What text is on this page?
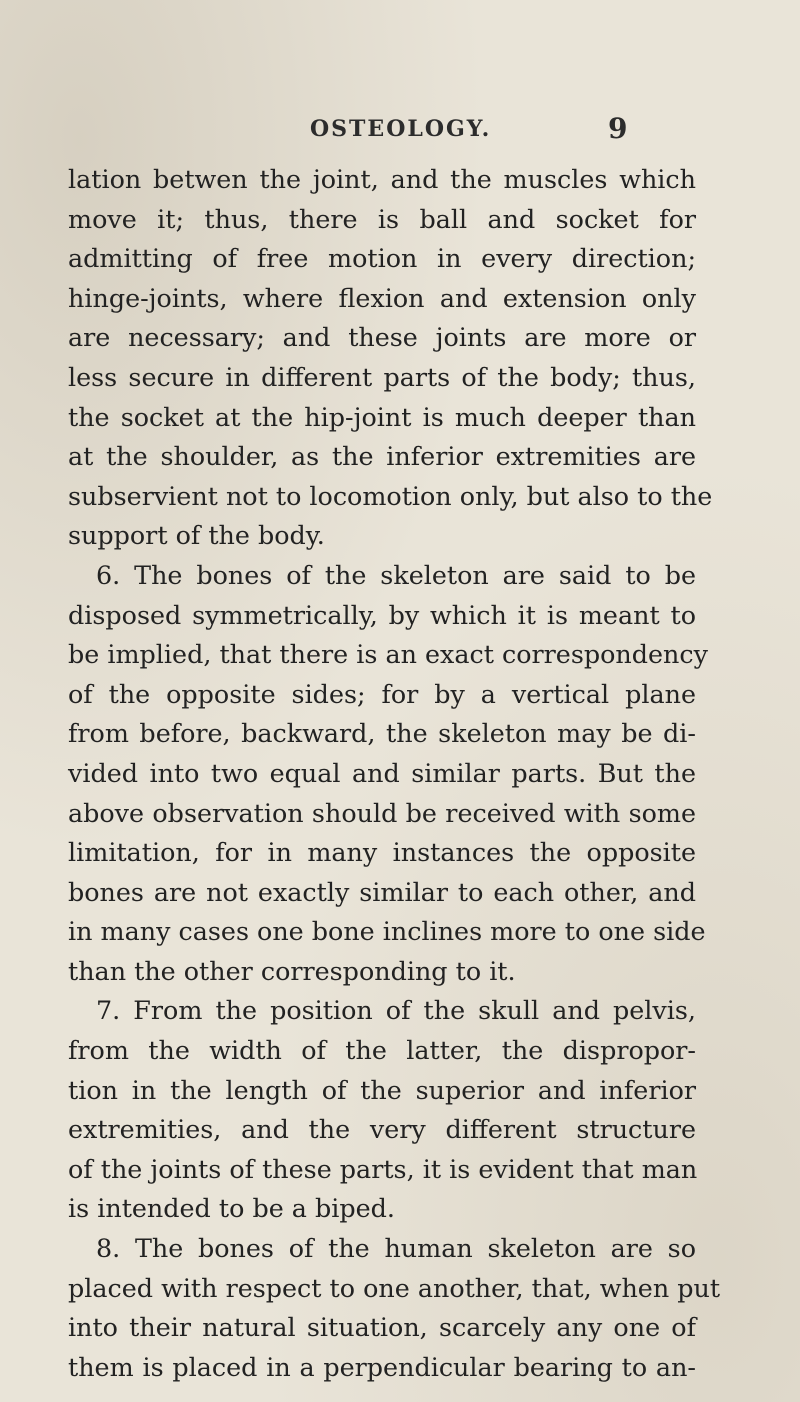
OSTEOLOGY.	9
lation betwen the joint, and the muscles which
move it; thus, there is ball and socket for
admitting of free motion in every direction;
hinge-joints, where flexion and extension only
are necessary; and these joints are more or
less secure in different parts of the body; thus,
the socket at the hip-joint is much deeper than
at the shoulder, as the inferior extremities are
subservient not to locomotion only, but also to the
support of the body.
6. The bones of the skeleton are said to be
disposed symmetrically, by which it is meant to
be implied, that there is an exact correspondency
of the opposite sides; for by a vertical plane
from before, backward, the skeleton may be di-
vided into two equal and similar parts. But the
above observation should be received with some
limitation, for in many instances the opposite
bones are not exactly similar to each other, and
in many cases one bone inclines more to one side
than the other corresponding to it.
7. From the position of the skull and pelvis,
from the width of the latter, the dispropor-
tion in the length of the superior and inferior
extremities, and the very different structure
of the joints of these parts, it is evident that man
is intended to be a biped.
8. The bones of the human skeleton are so
placed with respect to one another, that, when put
into their natural situation, scarcely any one of
them is placed in a perpendicular bearing to an-
